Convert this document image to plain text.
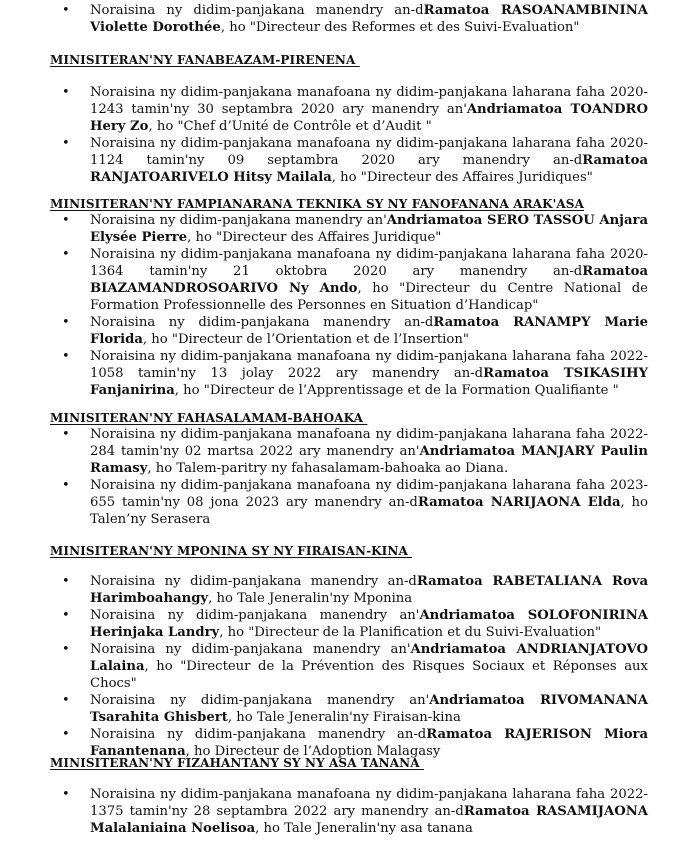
• Noraisina ny didim-panjakana manendry an-dRamatoa RASOANAMBININA Violette Dorothée, ho "Directeur des Reformes et des Suivi-Evaluation"
MINISITERAN'NY FANABEAZAM-PIRENENA
• Noraisina ny didim-panjakana manafoana ny didim-panjakana laharana faha 2020-1243 tamin'ny 30 septambra 2020 ary manendry an'Andriamatoa TOANDRO Hery Zo, ho "Chef d’Unité de Contrôle et d’Audit "
• Noraisina ny didim-panjakana manafoana ny didim-panjakana laharana faha 2020-1124 tamin'ny 09 septambra 2020 ary manendry an-dRamatoa RANJATOARIVELO Hitsy Mailala, ho "Directeur des Affaires Juridiques"
MINISITERAN'NY FAMPIANARANA TEKNIKA SY NY FANOFANANA ARAK'ASA
• Noraisina ny didim-panjakana manendry an'Andriamatoa SERO TASSOU Anjara Elysée Pierre, ho "Directeur des Affaires Juridique"
• Noraisina ny didim-panjakana manafoana ny didim-panjakana laharana faha 2020-1364 tamin'ny 21 oktobra 2020 ary manendry an-dRamatoa BIAZAMANDROSOARIVO Ny Ando, ho "Directeur du Centre National de Formation Professionnelle des Personnes en Situation d’Handicap"
• Noraisina ny didim-panjakana manendry an-dRamatoa RANAMPY Marie Florida, ho "Directeur de l’Orientation et de l’Insertion"
• Noraisina ny didim-panjakana manafoana ny didim-panjakana laharana faha 2022-1058 tamin'ny 13 jolay 2022 ary manendry an-dRamatoa TSIKASIHY Fanjanirina, ho "Directeur de l’Apprentissage et de la Formation Qualifiante "
MINISITERAN'NY FAHASALAMAM-BAHOAKA
• Noraisina ny didim-panjakana manafoana ny didim-panjakana laharana faha 2022-284 tamin'ny 02 martsa 2022 ary manendry an'Andriamatoa MANJARY Paulin Ramasy, ho Talem-paritry ny fahasalamam-bahoaka ao Diana.
• Noraisina ny didim-panjakana manafoana ny didim-panjakana laharana faha 2023-655 tamin'ny 08 jona 2023 ary manendry an-dRamatoa NARIJAONA Elda, ho Talen’ny Serasera
MINISITERAN'NY MPONINA SY NY FIRAISAN-KINA
• Noraisina ny didim-panjakana manendry an-dRamatoa RABETALIANA Rova Harimboahangy, ho Tale Jeneralin'ny Mponina
• Noraisina ny didim-panjakana manendry an'Andriamatoa SOLOFONIRINA Herinjaka Landry, ho "Directeur de la Planification et du Suivi-Evaluation"
• Noraisina ny didim-panjakana manendry an'Andriamatoa ANDRIANJATOVO Lalaina, ho "Directeur de la Prévention des Risques Sociaux et Réponses aux Chocs"
• Noraisina ny didim-panjakana manendry an'Andriamatoa RIVOMANANA Tsarahita Ghisbert, ho Tale Jeneralin'ny Firaisan-kina
• Noraisina ny didim-panjakana manendry an-dRamatoa RAJERISON Miora Fanantenana, ho Directeur de l’Adoption Malagasy
MINISITERAN'NY FIZAHANTANY SY NY ASA TANANA
• Noraisina ny didim-panjakana manafoana ny didim-panjakana laharana faha 2022-1375 tamin'ny 28 septambra 2022 ary manendry an-dRamatoa RASAMIJAONA Malalaniaina Noelisoa, ho Tale Jeneralin'ny asa tanana
